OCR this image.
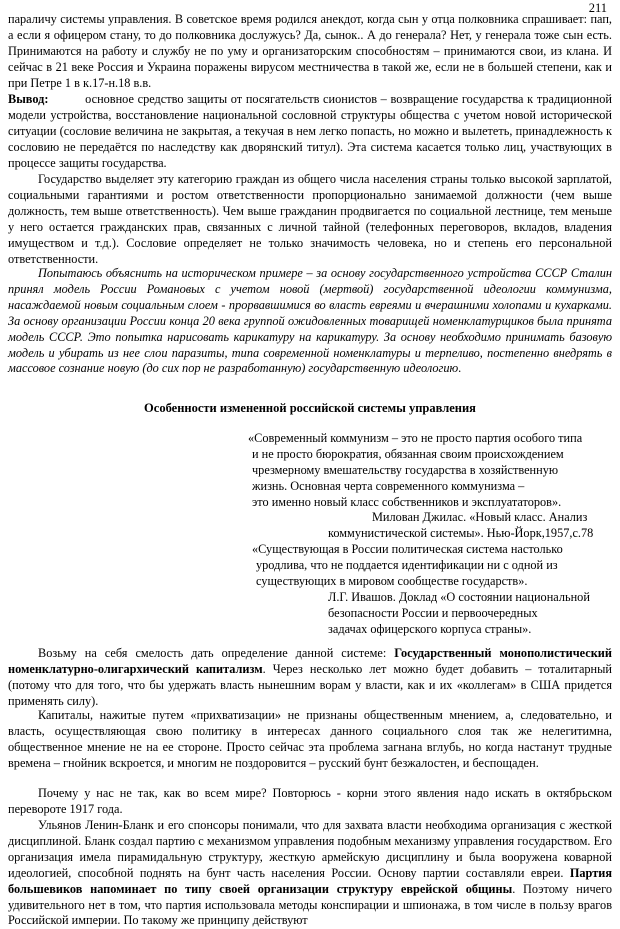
211

параличу системы управления. В советское время родился анекдот, когда сын у отца полковника спрашивает: пап, а если я офицером стану, то до полковника дослужусь? Да, сынок.. А до генерала? Нет, у генерала тоже сын есть. Принимаются на работу и службу не по уму и организаторским способностям – принимаются свои, из клана. И сейчас в 21 веке Россия и Украина поражены вирусом местничества в такой же, если не в большей степени, как и при Петре 1 в к.17-н.18 в.в.

Вывод:	основное средство защиты от посягательств сионистов – возвращение государства к традиционной модели устройства, восстановление национальной сословной структуры общества с учетом новой исторической ситуации (сословие величина не закрытая, а текучая в нем легко попасть, но можно и вылететь, принадлежность к сословию не передаётся по наследству как дворянский титул). Эта система касается только лиц, участвующих в процессе защиты государства.

Государство выделяет эту категорию граждан из общего числа населения страны только высокой зарплатой, социальными гарантиями и ростом ответственности пропорционально занимаемой должности (чем выше должность, тем выше ответственность). Чем выше гражданин продвигается по социальной лестнице, тем меньше у него остается гражданских прав, связанных с личной тайной (телефонных переговоров, вкладов, владения имуществом и т.д.). Сословие определяет не только значимость человека, но и степень его персональной ответственности.

Попытаюсь объяснить на историческом примере – за основу государственного устройства СССР Сталин принял модель России Романовых с учетом новой (мертвой) государственной идеологии коммунизма, насаждаемой новым социальным слоем - прорвавшимися во власть евреями и вчерашними холопами и кухарками. За основу организации России конца 20 века группой ожидовленных товарищей номенклатурщиков была принята модель СССР. Это попытка нарисовать карикатуру на карикатуру. За основу необходимо принимать базовую модель и убирать из нее слои паразиты, типа современной номенклатуры и терпеливо, постепенно внедрять в массовое сознание новую (до сих пор не разработанную) государственную идеологию.

Особенности измененной российской системы управления

«Современный коммунизм – это не просто партия особого типа
и не просто бюрократия, обязанная своим происхождением
чрезмерному вмешательству государства в хозяйственную
жизнь. Основная черта современного коммунизма –
это именно новый класс собственников и эксплуататоров».
Милован Джилас. «Новый класс. Анализ
коммунистической системы». Нью-Йорк,1957,с.78
«Существующая в России политическая система настолько
уродлива, что не поддается идентификации ни с одной из
существующих в мировом сообществе государств».
Л.Г. Ивашов. Доклад «О состоянии национальной
безопасности России и первоочередных
задачах офицерского корпуса страны».

Возьму на себя смелость дать определение данной системе: Государственный монополистический номенклатурно-олигархический капитализм. Через несколько лет можно будет добавить – тоталитарный (потому что для того, что бы удержать власть нынешним ворам у власти, как и их «коллегам» в США придется применять силу).

Капиталы, нажитые путем «прихватизации» не признаны общественным мнением, а, следовательно, и власть, осуществляющая свою политику в интересах данного социального слоя так же нелегитимна, общественное мнение не на ее стороне. Просто сейчас эта проблема загнана вглубь, но когда настанут трудные времена – гнойник вскроется, и многим не поздоровится – русский бунт безжалостен, и беспощаден.

Почему у нас не так, как во всем мире? Повторюсь - корни этого явления надо искать в октябрьском перевороте 1917 года.

Ульянов Ленин-Бланк и его спонсоры понимали, что для захвата власти необходима организация с жесткой дисциплиной. Бланк создал партию с механизмом управления подобным механизму управления государством. Его организация имела пирамидальную структуру, жесткую армейскую дисциплину и была вооружена коварной идеологией, способной поднять на бунт часть населения России. Основу партии составляли евреи. Партия большевиков напоминает по типу своей организации структуру еврейской общины. Поэтому ничего удивительного нет в том, что партия использовала методы конспирации и шпионажа, в том числе в пользу врагов Российской империи. По такому же принципу действуют
